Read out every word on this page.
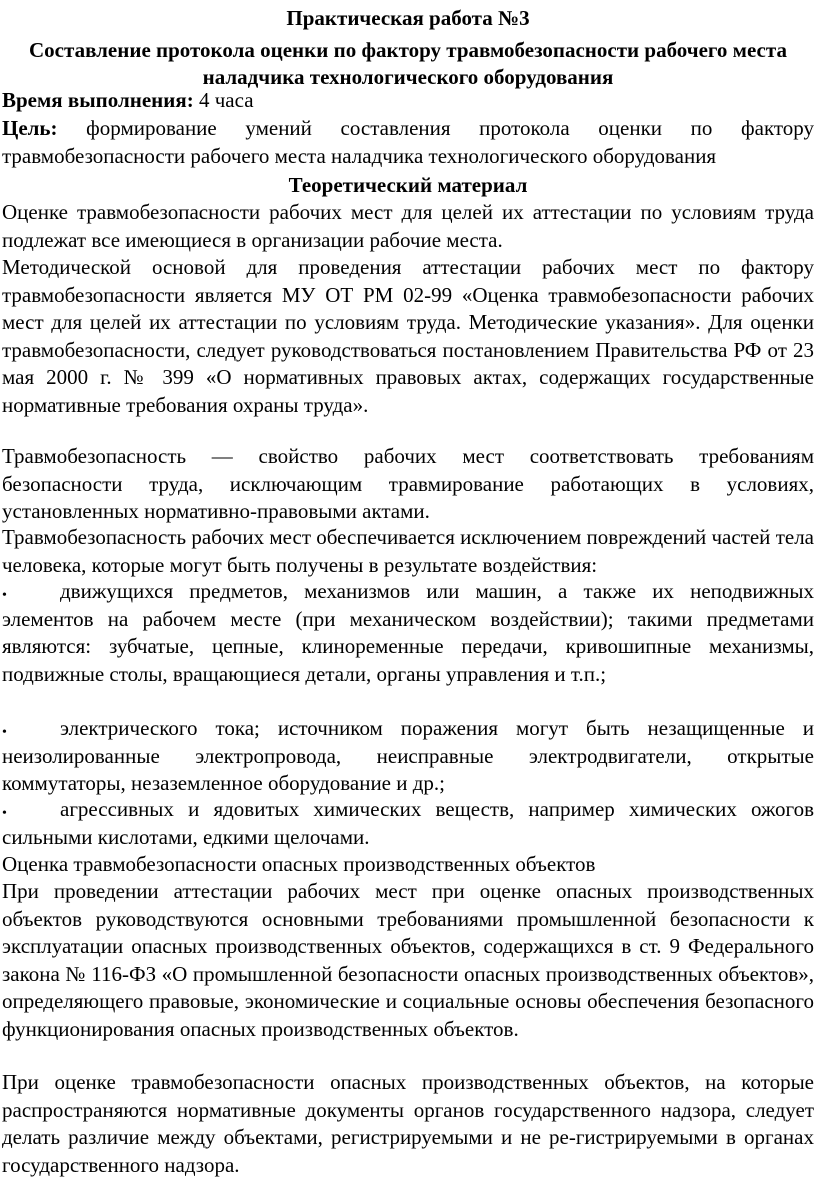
Практическая работа №3
Составление протокола оценки по фактору травмобезопасности рабочего места наладчика технологического оборудования
Время выполнения: 4 часа
Цель: формирование умений составления протокола оценки по фактору травмобезопасности рабочего места наладчика технологического оборудования
Теоретический материал
Оценке травмобезопасности рабочих мест для целей их аттестации по условиям труда подлежат все имеющиеся в организации рабочие места.
Методической основой для проведения аттестации рабочих мест по фактору травмобезопасности является МУ ОТ РМ 02-99 «Оценка травмобезопасности рабочих мест для целей их аттестации по условиям труда. Методические указания». Для оценки травмобезопасности, следует руководствоваться постановлением Правительства РФ от 23 мая 2000 г. № 399 «О нормативных правовых актах, содержащих государственные нормативные требования охраны труда».
Травмобезопасность — свойство рабочих мест соответствовать требованиям безопасности труда, исключающим травмирование работающих в условиях, установленных нормативно-правовыми актами.
Травмобезопасность рабочих мест обеспечивается исключением повреждений частей тела человека, которые могут быть получены в результате воздействия:
•	движущихся предметов, механизмов или машин, а также их неподвижных элементов на рабочем месте (при механическом воздействии); такими предметами являются: зубчатые, цепные, клиноременные передачи, кривошипные механизмы, подвижные столы, вращающиеся детали, органы управления и т.п.;
•	электрического тока; источником поражения могут быть незащищенные и неизолированные электропровода, неисправные электродвигатели, открытые коммутаторы, незаземленное оборудование и др.;
•	агрессивных и ядовитых химических веществ, например химических ожогов сильными кислотами, едкими щелочами.
Оценка травмобезопасности опасных производственных объектов
При проведении аттестации рабочих мест при оценке опасных производственных объектов руководствуются основными требованиями промышленной безопасности к эксплуатации опасных производственных объектов, содержащихся в ст. 9 Федерального закона № 116-ФЗ «О промышленной безопасности опасных производственных объектов», определяющего правовые, экономические и социальные основы обеспечения безопасного функционирования опасных производственных объектов.
При оценке травмобезопасности опасных производственных объектов, на которые распространяются нормативные документы органов государственного надзора, следует делать различие между объектами, регистрируемыми и не ре-гистрируемыми в органах государственного надзора.
